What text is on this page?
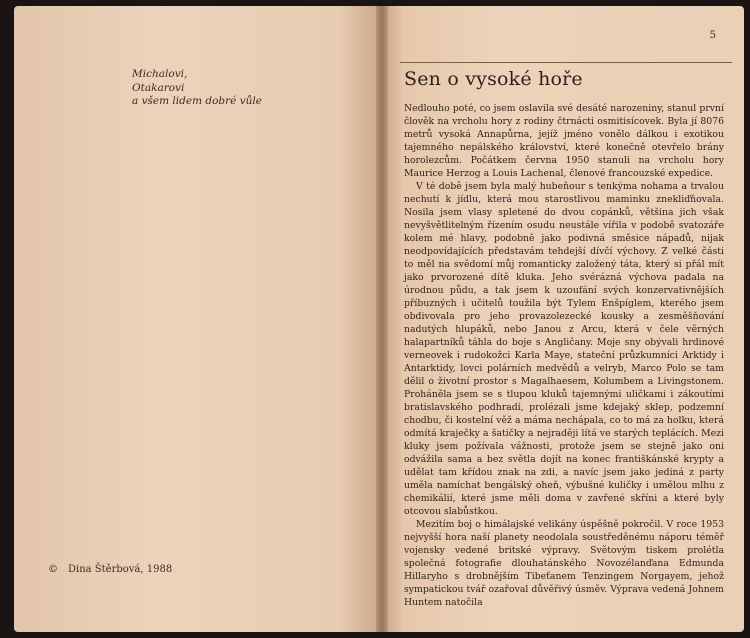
Michalovi,
Otakarovi
a všem lidem dobré vůle
© Dina Štěrbová, 1988
5
Sen o vysoké hoře

Nedlouho poté, co jsem oslavila své desáté narozeniny, stanul první člověk na vrcholu hory z rodiny čtrnácti osmitisícovek. Byla jí 8076 metrů vysoká Annapůrna, jejíž jméno vonělo dálkou i exotikou tajemného nepálského království, které konečně otevřelo brány horolezcům. Počátkem června 1950 stanuli na vrcholu hory Maurice Herzog a Louis Lachenal, členové francouzské expedice.

V té době jsem byla malý hubeňour s tenkýma nohama a trvalou nechutí k jídlu, která mou starostlivou maminku znekliďňovala. Nosila jsem vlasy spletené do dvou copánků, většina jich však nevyšvětlitelným řízením osudu neustále vířila v podobě svatozáře kolem mé hlavy, podobně jako podivná směsice nápadů, nijak neodpovídajících představám tehdejší dívčí výchovy. Z velké části to měl na svědomí můj romanticky založený táta, který si přál mít jako prvorozené dítě kluka. Jeho svérázná výchova padala na úrodnou půdu, a tak jsem k uzoufání svých konzervativnějších příbuzných i učitelů toužila být Tylem Enšpíglem, kterého jsem obdivovala pro jeho provazolezecké kousky a zesměšňování nadutých hlupáků, nebo Janou z Arcu, která v čele věrných halapartníků táhla do boje s Angličany. Moje sny obývali hrdinové verneovek i rudokožci Karla Maye, stateční průzkumníci Arktidy i Antarktidy, lovci polárních medvědů a velryb, Marco Polo se tam dělil o životní prostor s Magalhaesem, Kolumbem a Livingstonem. Proháněla jsem se s tlupou kluků tajemnými uličkami i zákoutími bratislavského podhradí, prolézali jsme kdejaký sklep, podzemní chodbu, či kostelní věž a máma nechápala, co to má za holku, která odmítá kraječky a šatičky a nejraději lítá ve starých teplácích. Mezi kluky jsem požívala vážnosti, protože jsem se stejně jako oni odvážila sama a bez světla dojít na konec františkánské krypty a udělat tam křídou znak na zdi, a navíc jsem jako jediná z party uměla namíchat bengálský oheň, výbušné kuličky i umělou mlhu z chemikálií, které jsme měli doma v zavřené skříni a které byly otcovou slabůstkou.

Mezitím boj o himálajské velikány úspěšně pokročil. V roce 1953 nejvyšší hora naší planety neodolala soustředěnému náporu téměř vojensky vedené britské výpravy. Světovým tiskem prolétla společná fotografie dlouhatánského Novozélanďana Edmunda Hillaryho s drobnějším Tibeťanem Tenzingem Norgayem, jehož sympatickou tvář ozařoval důvěřivý úsměv. Výprava vedená Johnem Huntem natočila
